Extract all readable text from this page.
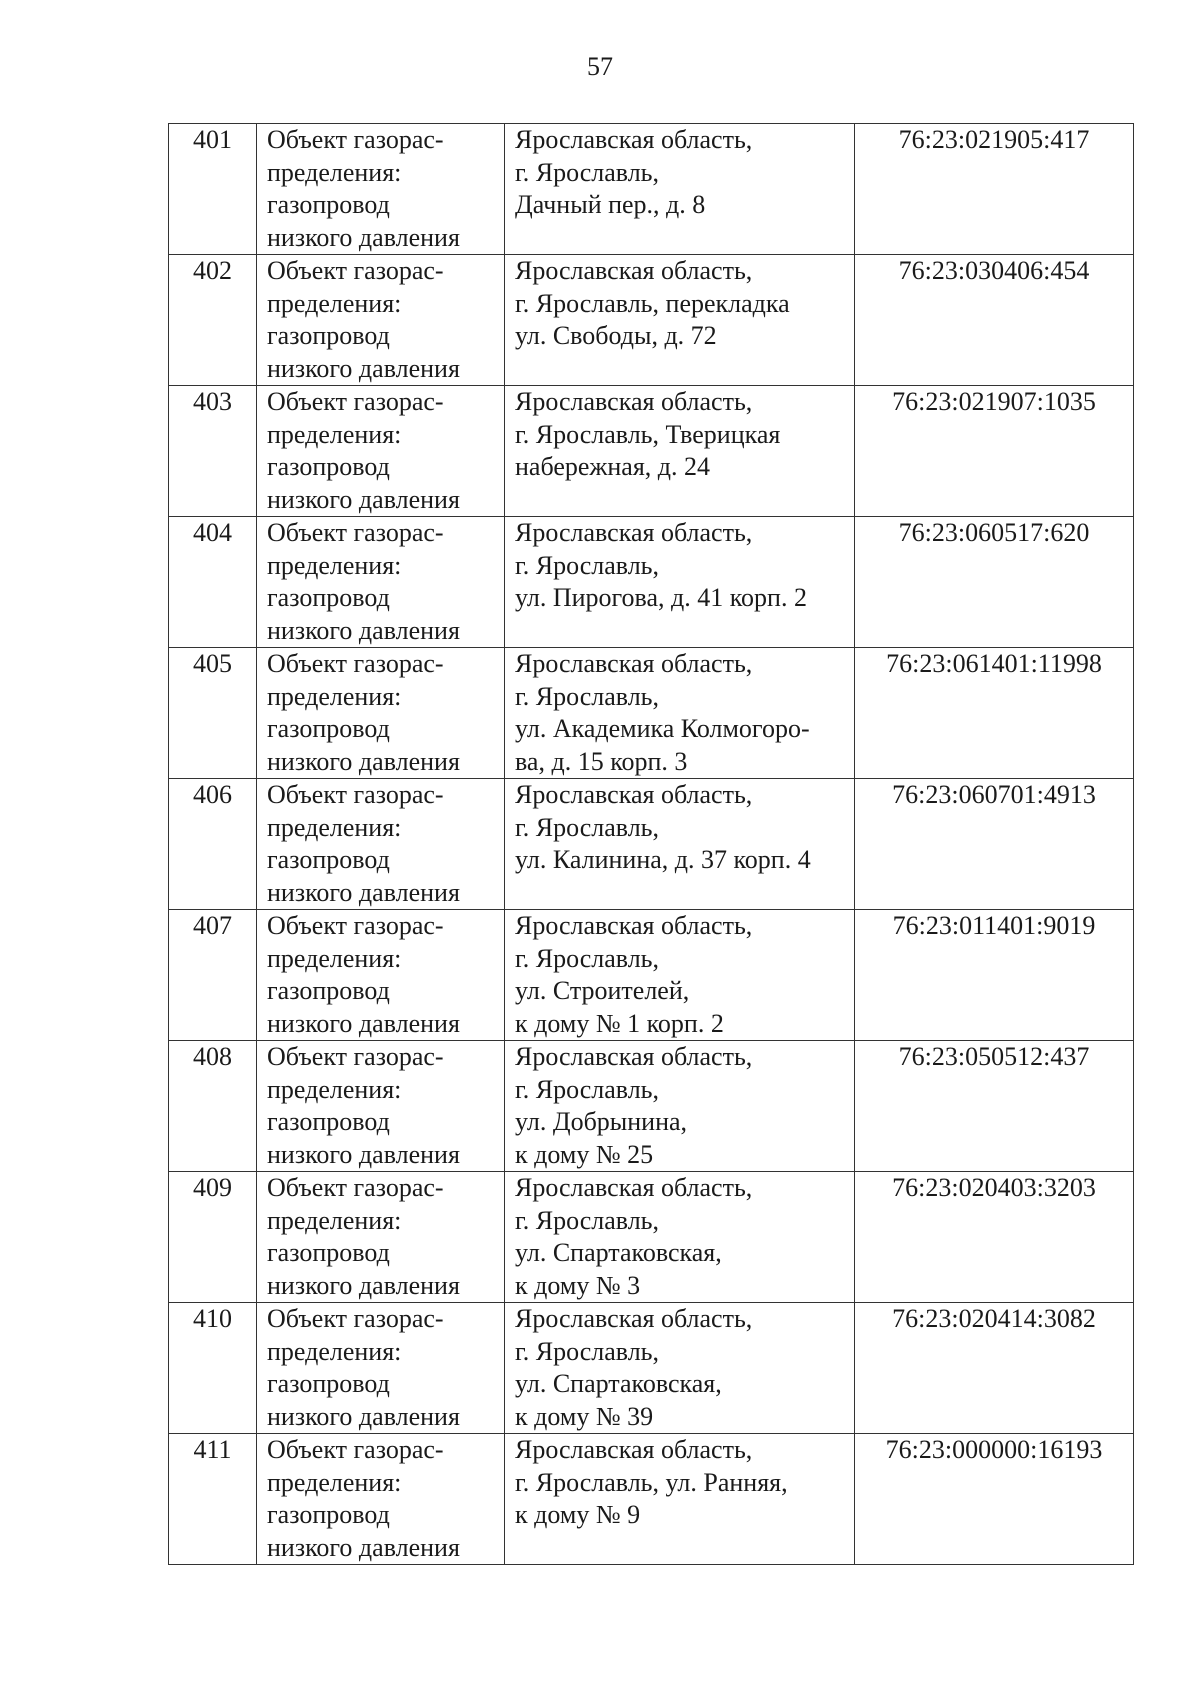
57
401	Объект газорас-
пределения:
газопровод
низкого давления	Ярославская область,
г. Ярославль,
Дачный пер., д. 8	76:23:021905:417
402	Объект газорас-
пределения:
газопровод
низкого давления	Ярославская область,
г. Ярославль, перекладка
ул. Свободы, д. 72	76:23:030406:454
403	Объект газорас-
пределения:
газопровод
низкого давления	Ярославская область,
г. Ярославль, Тверицкая
набережная, д. 24	76:23:021907:1035
404	Объект газорас-
пределения:
газопровод
низкого давления	Ярославская область,
г. Ярославль,
ул. Пирогова, д. 41 корп. 2	76:23:060517:620
405	Объект газорас-
пределения:
газопровод
низкого давления	Ярославская область,
г. Ярославль,
ул. Академика Колмогоро-
ва, д. 15 корп. 3	76:23:061401:11998
406	Объект газорас-
пределения:
газопровод
низкого давления	Ярославская область,
г. Ярославль,
ул. Калинина, д. 37 корп. 4	76:23:060701:4913
407	Объект газорас-
пределения:
газопровод
низкого давления	Ярославская область,
г. Ярославль,
ул. Строителей,
к дому № 1 корп. 2	76:23:011401:9019
408	Объект газорас-
пределения:
газопровод
низкого давления	Ярославская область,
г. Ярославль,
ул. Добрынина,
к дому № 25	76:23:050512:437
409	Объект газорас-
пределения:
газопровод
низкого давления	Ярославская область,
г. Ярославль,
ул. Спартаковская,
к дому № 3	76:23:020403:3203
410	Объект газорас-
пределения:
газопровод
низкого давления	Ярославская область,
г. Ярославль,
ул. Спартаковская,
к дому № 39	76:23:020414:3082
411	Объект газорас-
пределения:
газопровод
низкого давления	Ярославская область,
г. Ярославль, ул. Ранняя,
к дому № 9	76:23:000000:16193
